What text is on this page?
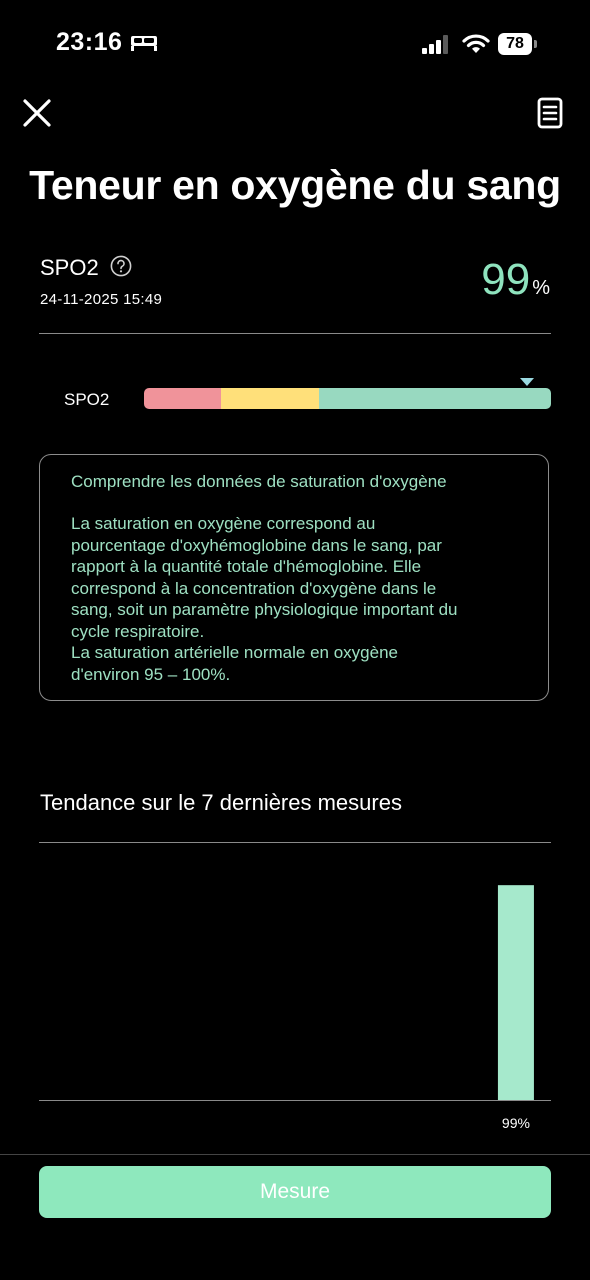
23:16	78
Teneur en oxygène du sang
SPO2
24-11-2025 15:49	99 %
SPO2
Comprendre les données de saturation d'oxygène
La saturation en oxygène correspond au
pourcentage d'oxyhémoglobine dans le sang, par
rapport à la quantité totale d'hémoglobine. Elle
correspond à la concentration d'oxygène dans le
sang, soit un paramètre physiologique important du
cycle respiratoire.
La saturation artérielle normale en oxygène
d'environ 95 – 100%.
Tendance sur le 7 dernières mesures
99%
Mesure
